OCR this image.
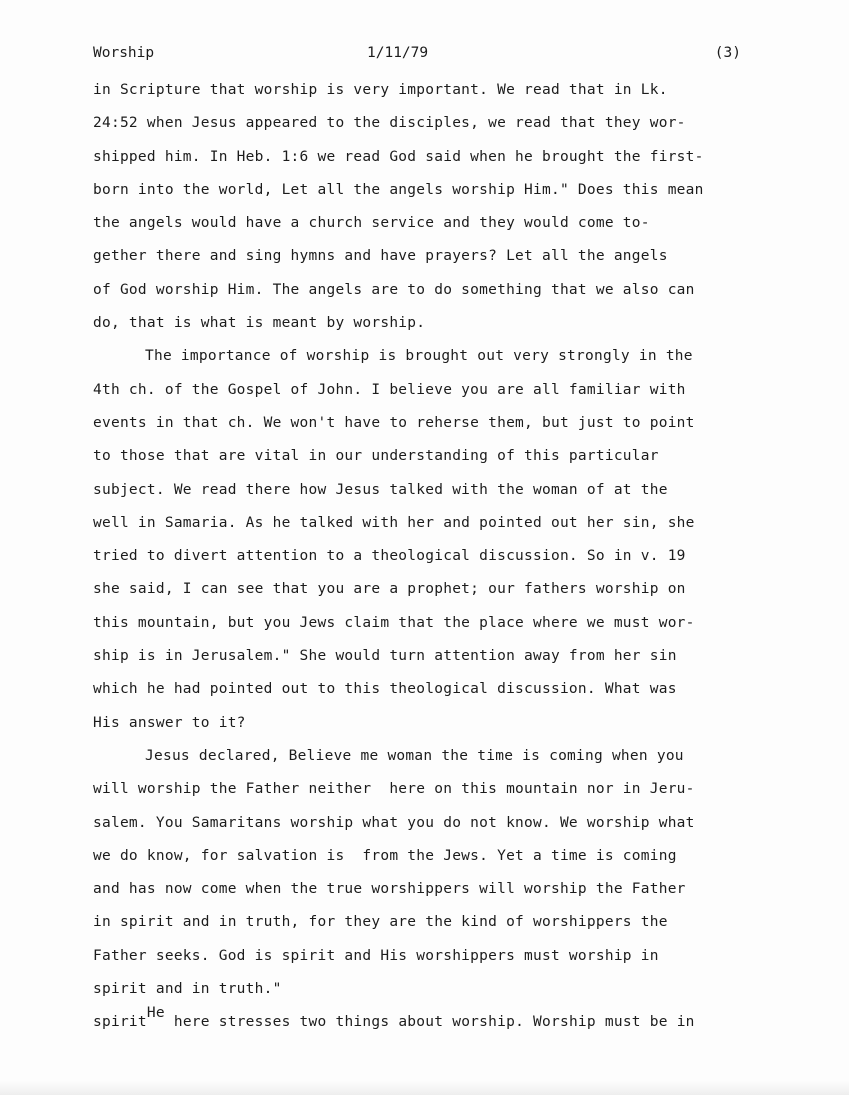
Worship	1/11/79	(3)
in Scripture that worship is very important. We read that in Lk.
24:52 when Jesus appeared to the disciples, we read that they wor-
shipped him. In Heb. 1:6 we read God said when he brought the first-
born into the world, Let all the angels worship Him." Does this mean
the angels would have a church service and they would come to-
gether there and sing hymns and have prayers? Let all the angels
of God worship Him. The angels are to do something that we also can
do, that is what is meant by worship.
The importance of worship is brought out very strongly in the
4th ch. of the Gospel of John. I believe you are all familiar with
events in that ch. We won't have to reherse them, but just to point
to those that are vital in our understanding of this particular
subject. We read there how Jesus talked with the woman of at the
well in Samaria. As he talked with her and pointed out her sin, she
tried to divert attention to a theological discussion. So in v. 19
she said, I can see that you are a prophet; our fathers worship on
this mountain, but you Jews claim that the place where we must wor-
ship is in Jerusalem." She would turn attention away from her sin
which he had pointed out to this theological discussion. What was
His answer to it?
Jesus declared, Believe me woman the time is coming when you
will worship the Father neither  here on this mountain nor in Jeru-
salem. You Samaritans worship what you do not know. We worship what
we do know, for salvation is  from the Jews. Yet a time is coming
and has now come when the true worshippers will worship the Father
in spirit and in truth, for they are the kind of worshippers the
Father seeks. God is spirit and His worshippers must worship in
spirit and in truth."
spiritHe here stresses two things about worship. Worship must be in
